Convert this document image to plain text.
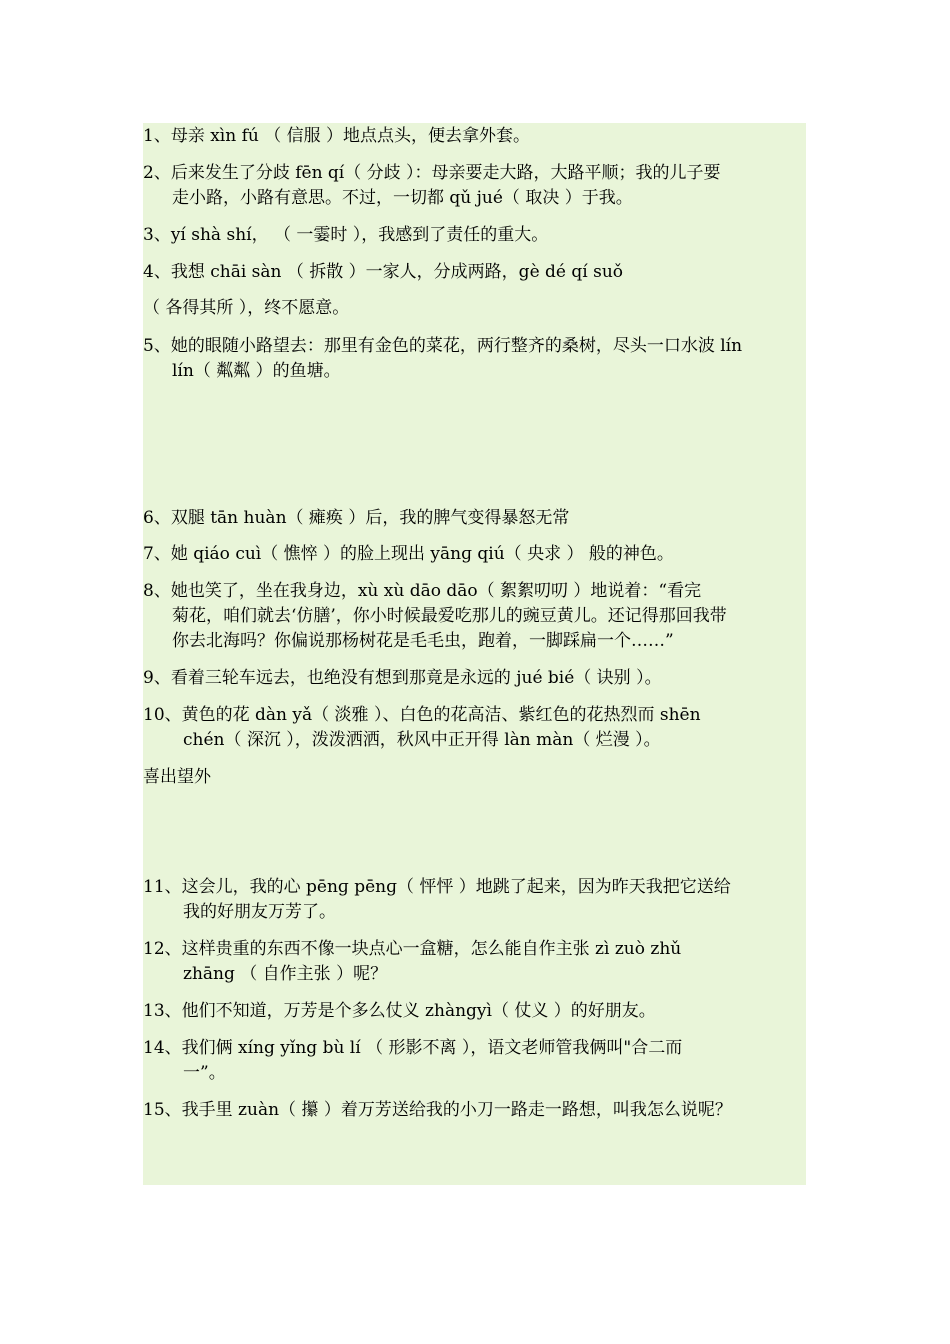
1、母亲 xìn fú （ 信服 ）地点点头，便去拿外套。
2、后来发生了分歧 fēn qí（ 分歧 ）：母亲要走大路，大路平顺；我的儿子要
走小路，小路有意思。不过，一切都 qǔ jué（ 取决 ）于我。
3、yí shà shí， （ 一霎时 ），我感到了责任的重大。
4、我想 chāi sàn （ 拆散 ）一家人，分成两路，gè dé qí suǒ
（ 各得其所 ），终不愿意。
5、她的眼随小路望去：那里有金色的菜花，两行整齐的桑树，尽头一口水波 lín
lín（ 粼粼 ）的鱼塘。
6、双腿 tān huàn（ 瘫痪 ）后，我的脾气变得暴怒无常
7、她 qiáo cuì（ 憔悴 ）的脸上现出 yānɡ qiú（ 央求 ） 般的神色。
8、她也笑了，坐在我身边，xù xù dāo dāo（ 絮絮叨叨 ）地说着：“看完
菊花，咱们就去‘仿膳’，你小时候最爱吃那儿的豌豆黄儿。还记得那回我带
你去北海吗？你偏说那杨树花是毛毛虫，跑着，一脚踩扁一个……”
9、看着三轮车远去，也绝没有想到那竟是永远的 jué bié（ 诀别 ）。
10、黄色的花 dàn yǎ（ 淡雅 ）、白色的花高洁、紫红色的花热烈而 shēn
chén（ 深沉 ），泼泼洒洒，秋风中正开得 làn màn（ 烂漫 ）。
喜出望外
11、这会儿，我的心 pēnɡ pēnɡ（ 怦怦 ）地跳了起来，因为昨天我把它送给
我的好朋友万芳了。
12、这样贵重的东西不像一块点心一盒糖，怎么能自作主张 zì zuò zhǔ
zhāng （ 自作主张 ）呢？
13、他们不知道，万芳是个多么仗义 zhàngyì（ 仗义 ）的好朋友。
14、我们俩 xíng yǐng bù lí （ 形影不离 ），语文老师管我俩叫"合二而
一”。
15、我手里 zuàn（ 攥 ）着万芳送给我的小刀一路走一路想，叫我怎么说呢？
